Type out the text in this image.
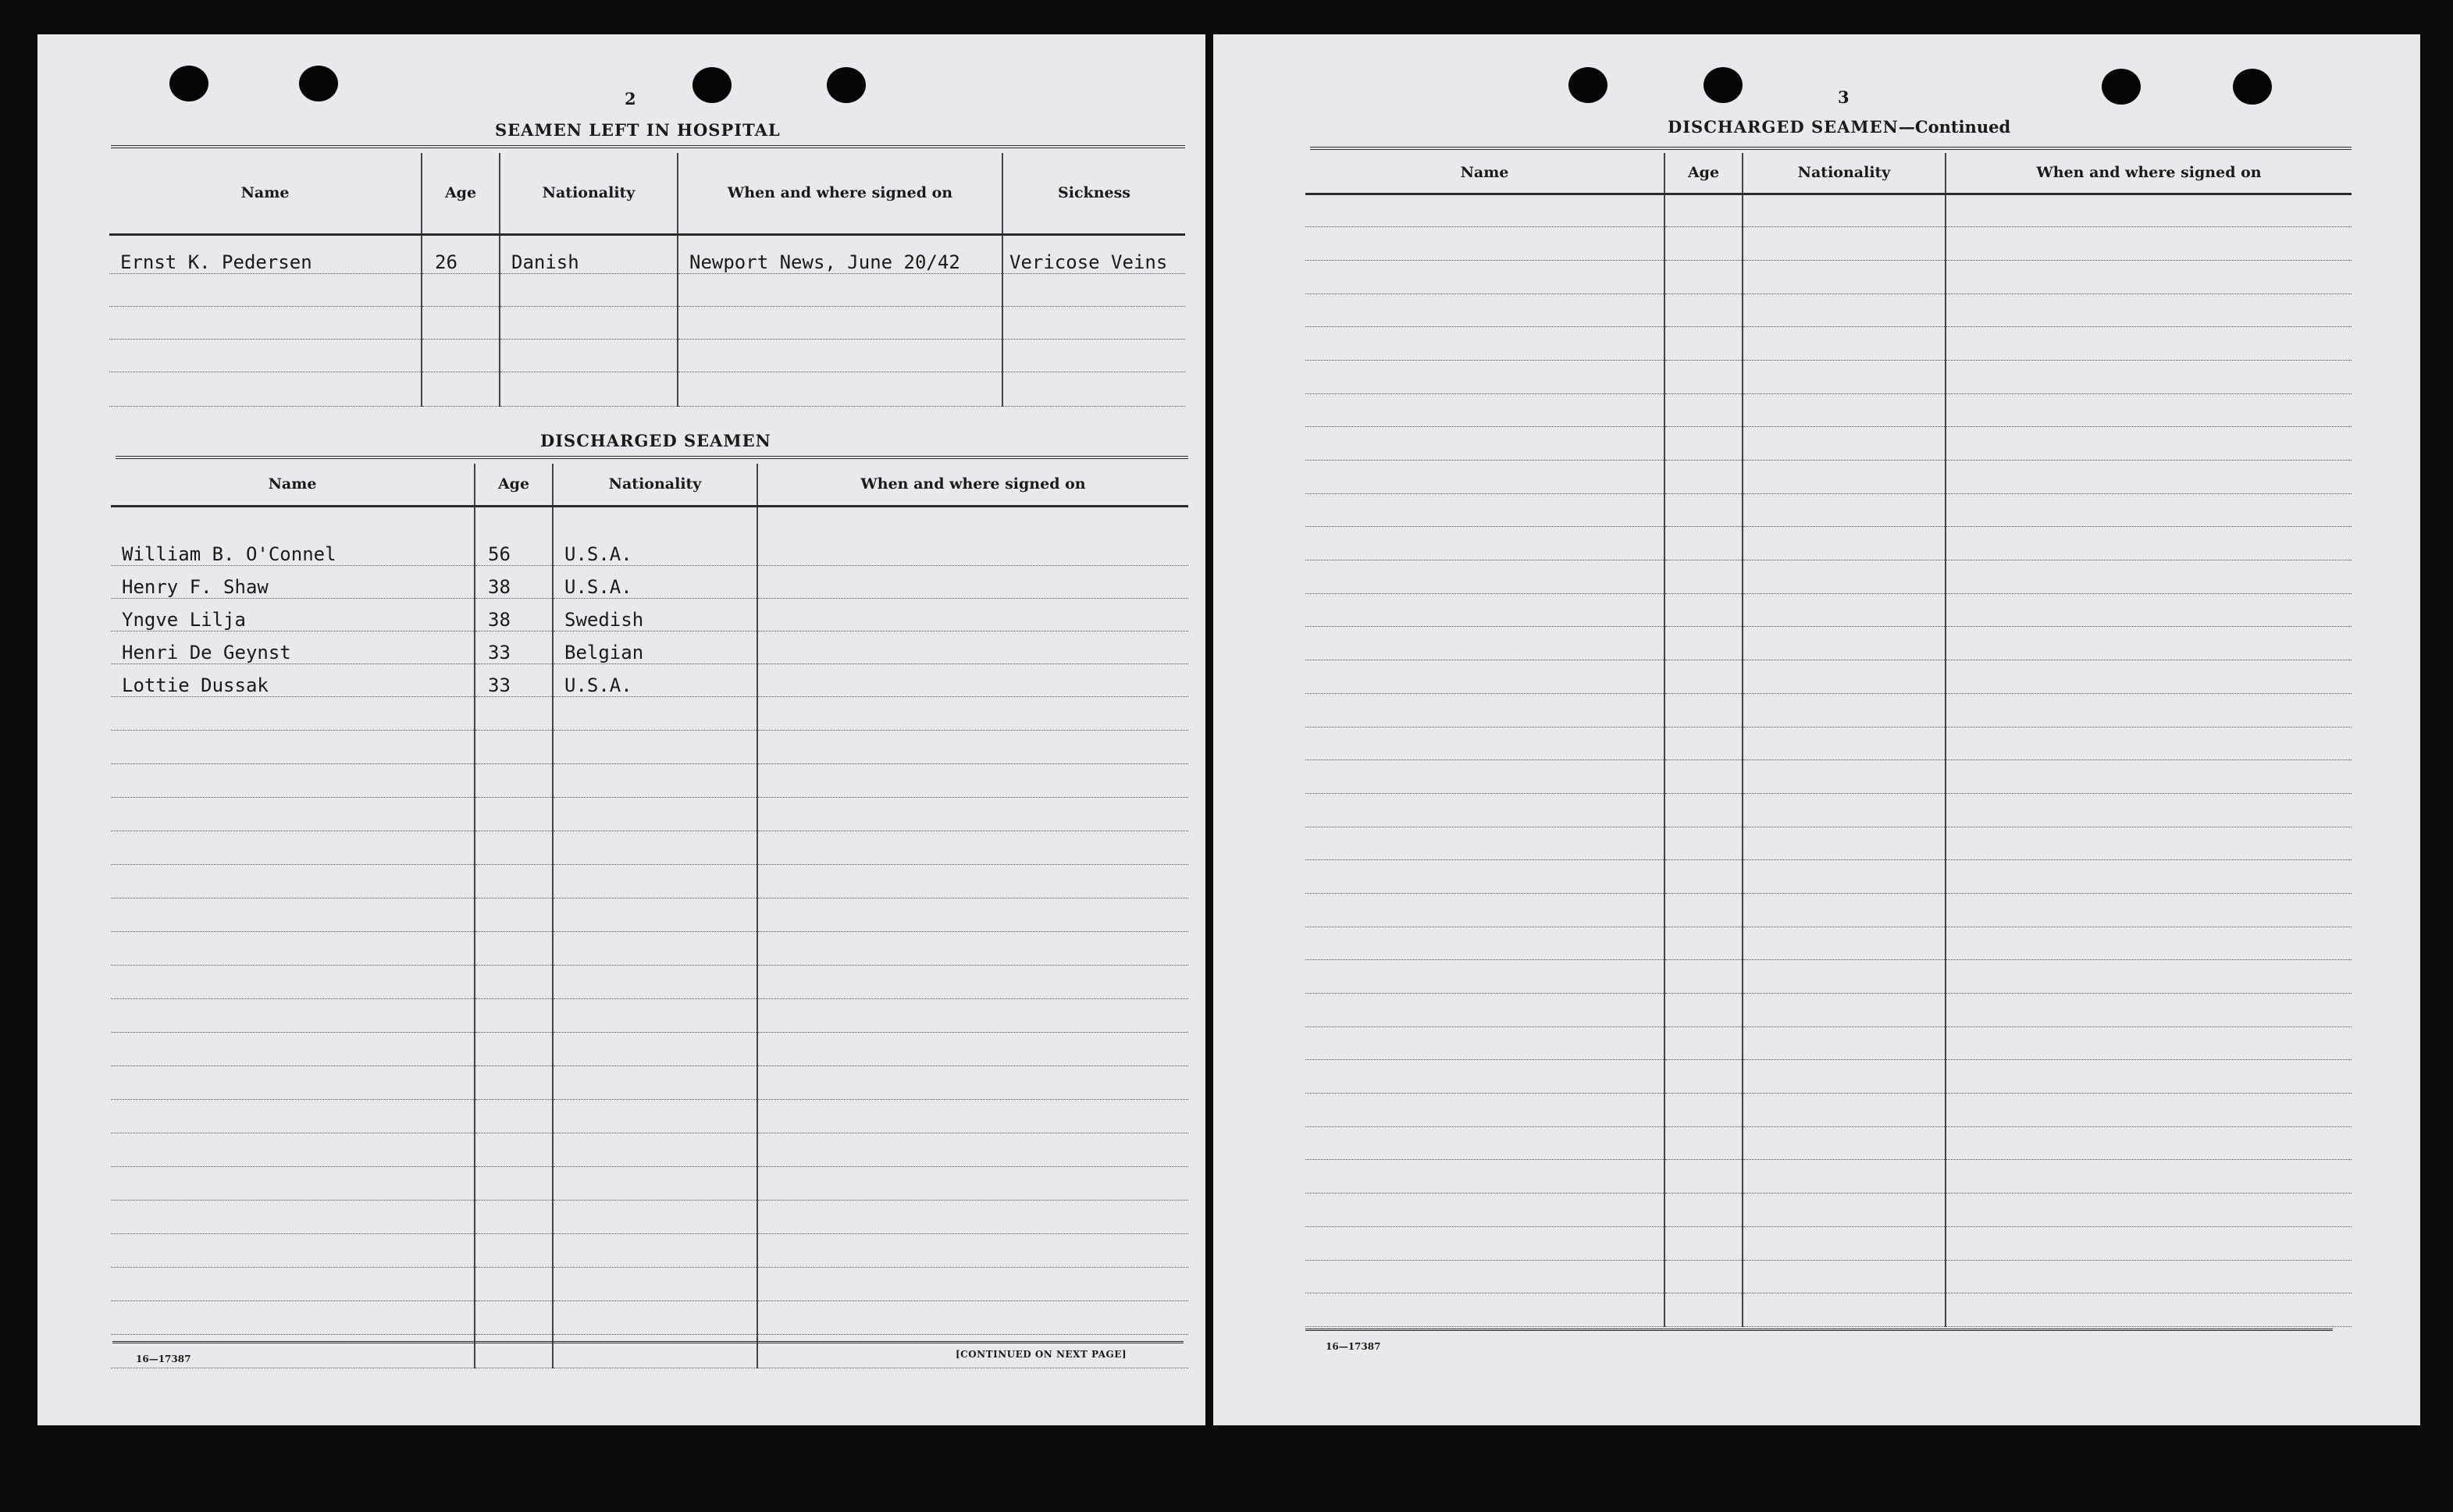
2
SEAMEN LEFT IN HOSPITAL
Name	Age	Nationality	When and where signed on	Sickness
Ernst K. Pedersen	26	Danish	Newport News, June 20/42	Vericose Veins

DISCHARGED SEAMEN
Name	Age	Nationality	When and where signed on

William B. O'Connel	56	U.S.A.	
Henry F. Shaw	38	U.S.A.	
Yngve Lilja	38	Swedish	
Henri De Geynst	33	Belgian	
Lottie Dussak	33	U.S.A.	

16—17387	[CONTINUED ON NEXT PAGE]
3
DISCHARGED SEAMEN—Continued
Name	Age	Nationality	When and where signed on

16—17387
